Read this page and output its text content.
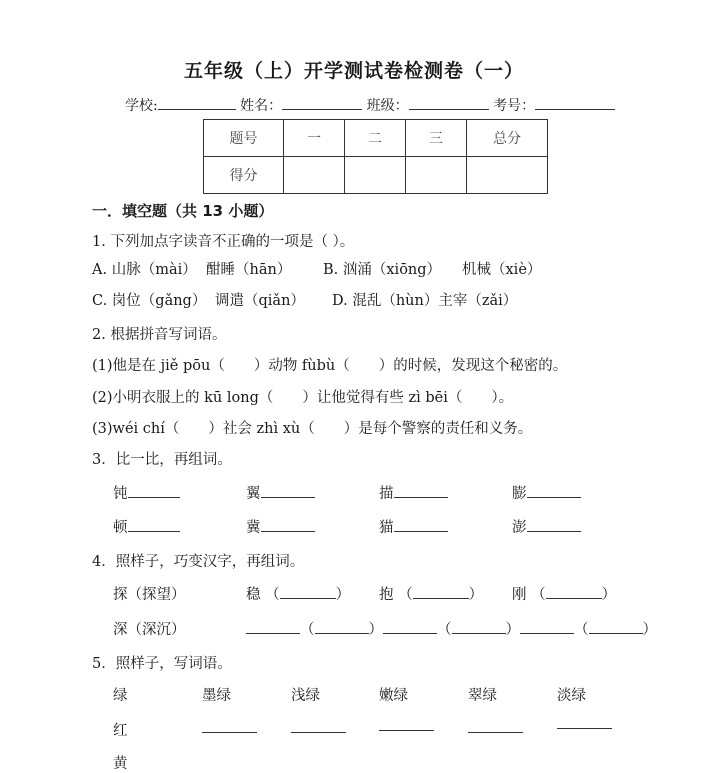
五年级（上）开学测试卷检测卷（一）
学校:	姓名：	班级：	考号：
题号	一	二	三	总分
得分				
一．填空题（共 13 小题）
1. 下列加点字读音不正确的一项是（ ）。
A. 山脉（mài） 酣睡（hān） B. 汹涌（xiōng） 机械（xiè）
C. 岗位（gǎng） 调遣（qiǎn） D. 混乱（hùn）主宰（zǎi）
2. 根据拼音写词语。
(1)他是在 jiě pōu（　　）动物 fùbù（　　）的时候，发现这个秘密的。
(2)小明衣服上的 kū long（　　）让他觉得有些 zì bēi（　　）。
(3)wéi chí（　　）社会 zhì xù（　　）是每个警察的责任和义务。
3．比一比，再组词。
钝	翼	描	膨
顿	冀	猫	澎
4．照样子，巧变汉字，再组词。
探（探望）	稳 （	） 抱 （	） 刚 （	）
深（深沉）	（	）	（	）	（	）
5．照样子，写词语。
绿	墨绿	浅绿	嫩绿	翠绿	淡绿
红
黄
